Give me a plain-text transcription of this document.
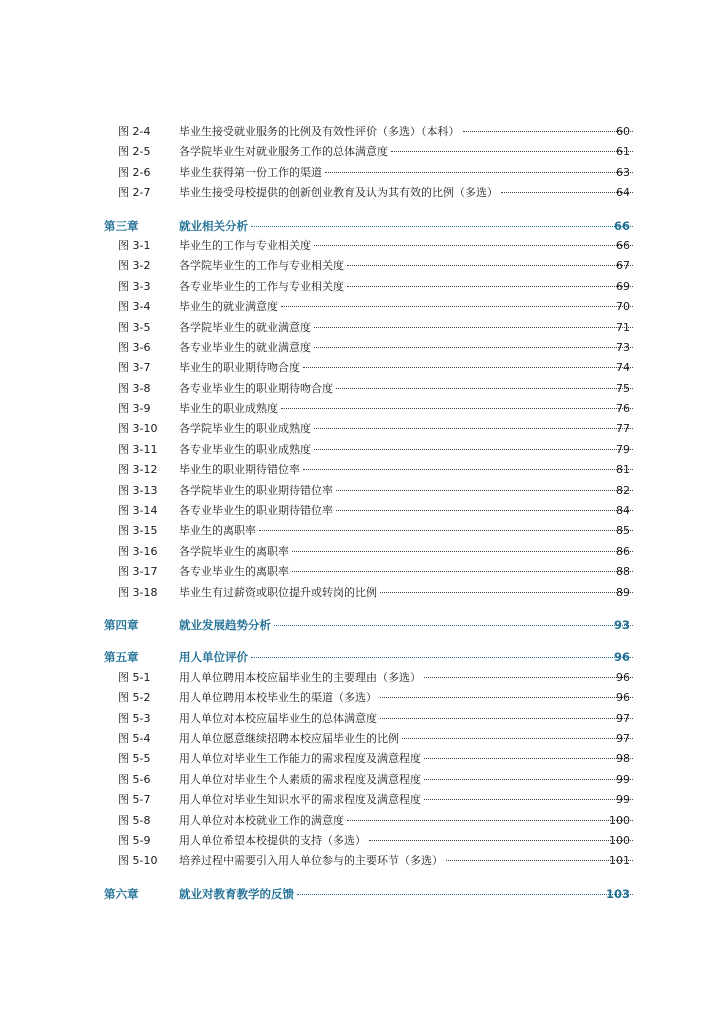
图 2-4	毕业生接受就业服务的比例及有效性评价（多选）（本科）	60
图 2-5	各学院毕业生对就业服务工作的总体满意度	61
图 2-6	毕业生获得第一份工作的渠道	63
图 2-7	毕业生接受母校提供的创新创业教育及认为其有效的比例（多选）	64
第三章	就业相关分析	66
图 3-1	毕业生的工作与专业相关度	66
图 3-2	各学院毕业生的工作与专业相关度	67
图 3-3	各专业毕业生的工作与专业相关度	69
图 3-4	毕业生的就业满意度	70
图 3-5	各学院毕业生的就业满意度	71
图 3-6	各专业毕业生的就业满意度	73
图 3-7	毕业生的职业期待吻合度	74
图 3-8	各专业毕业生的职业期待吻合度	75
图 3-9	毕业生的职业成熟度	76
图 3-10 各学院毕业生的职业成熟度	77
图 3-11 各专业毕业生的职业成熟度	79
图 3-12 毕业生的职业期待错位率	81
图 3-13 各学院毕业生的职业期待错位率	82
图 3-14 各专业毕业生的职业期待错位率	84
图 3-15 毕业生的离职率	85
图 3-16 各学院毕业生的离职率	86
图 3-17 各专业毕业生的离职率	88
图 3-18 毕业生有过薪资或职位提升或转岗的比例	89
第四章	就业发展趋势分析	93
第五章	用人单位评价	96
图 5-1	用人单位聘用本校应届毕业生的主要理由（多选）	96
图 5-2	用人单位聘用本校毕业生的渠道（多选）	96
图 5-3	用人单位对本校应届毕业生的总体满意度	97
图 5-4	用人单位愿意继续招聘本校应届毕业生的比例	97
图 5-5	用人单位对毕业生工作能力的需求程度及满意程度	98
图 5-6	用人单位对毕业生个人素质的需求程度及满意程度	99
图 5-7	用人单位对毕业生知识水平的需求程度及满意程度	99
图 5-8	用人单位对本校就业工作的满意度	100
图 5-9	用人单位希望本校提供的支持（多选）	100
图 5-10 培养过程中需要引入用人单位参与的主要环节（多选）	101
第六章	就业对教育教学的反馈	103
